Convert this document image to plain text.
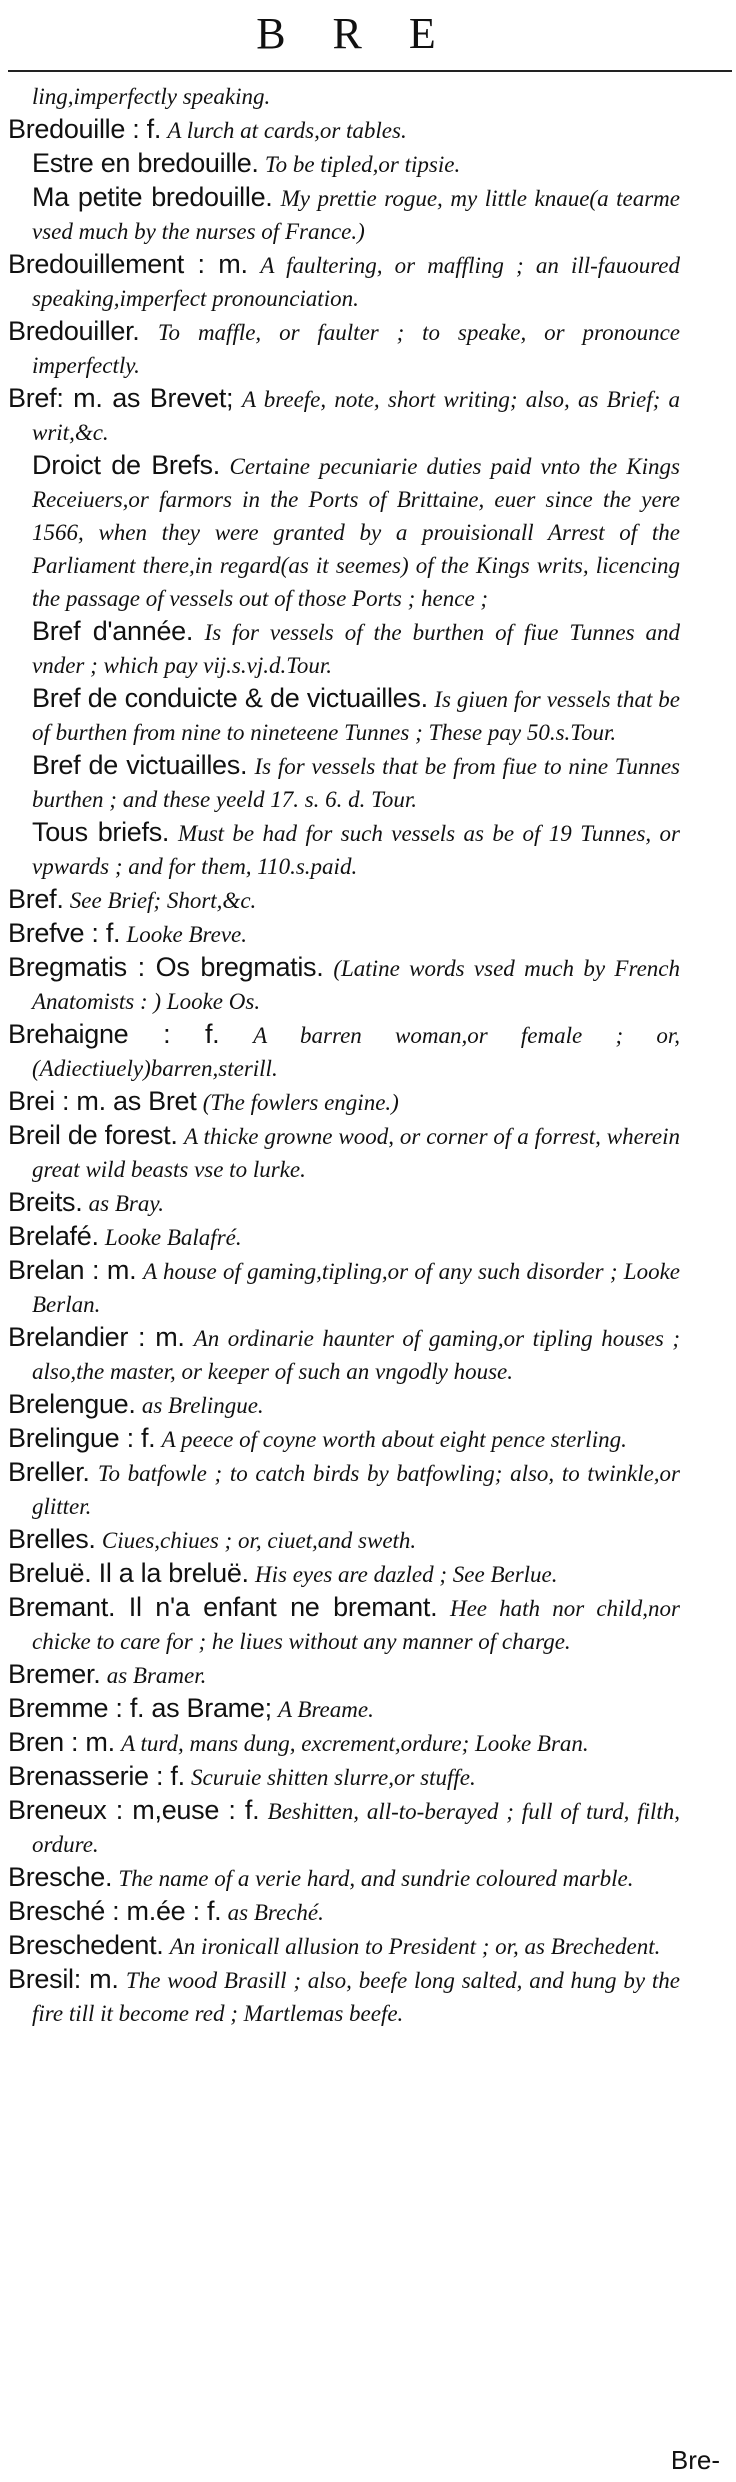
B R E

ling,imperfectly speaking.

Bredouille : f. A lurch at cards,or tables.

Estre en bredouille. To be tipled,or tipsie.

Ma petite bredouille. My prettie rogue, my little knaue(a tearme vsed much by the nurses of France.)

Bredouillement : m. A faultering, or maffling ; an ill-fauoured speaking,imperfect pronounciation.

Bredouiller. To maffle, or faulter ; to speake, or pronounce imperfectly.

Bref: m. as Brevet; A breefe, note, short writing; also, as Brief; a writ,&c.

Droict de Brefs. Certaine pecuniarie duties paid vnto the Kings Receiuers,or farmors in the Ports of Brittaine, euer since the yere 1566, when they were granted by a prouisionall Arrest of the Parliament there,in regard(as it seemes) of the Kings writs, licencing the passage of vessels out of those Ports ; hence ;

Bref d'année. Is for vessels of the burthen of fiue Tunnes and vnder ; which pay vij.s.vj.d.Tour.

Bref de conduicte & de victuailles. Is giuen for vessels that be of burthen from nine to nineteene Tunnes ; These pay 50.s.Tour.

Bref de victuailles. Is for vessels that be from fiue to nine Tunnes burthen ; and these yeeld 17. s. 6. d. Tour.

Tous briefs. Must be had for such vessels as be of 19 Tunnes, or vpwards ; and for them, 110.s.paid.

Bref. See Brief; Short,&c.

Brefve : f. Looke Breve.

Bregmatis : Os bregmatis. (Latine words vsed much by French Anatomists : ) Looke Os.

Brehaigne : f. A barren woman,or female ; or, (Adiectiuely)barren,sterill.

Brei : m. as Bret (The fowlers engine.)

Breil de forest. A thicke growne wood, or corner of a forrest, wherein great wild beasts vse to lurke.

Breits. as Bray.

Brelafé. Looke Balafré.

Brelan : m. A house of gaming,tipling,or of any such disorder ; Looke Berlan.

Brelandier : m. An ordinarie haunter of gaming,or tipling houses ; also,the master, or keeper of such an vngodly house.

Brelengue. as Brelingue.

Brelingue : f. A peece of coyne worth about eight pence sterling.

Breller. To batfowle ; to catch birds by batfowling; also, to twinkle,or glitter.

Brelles. Ciues,chiues ; or, ciuet,and sweth.

Breluë. Il a la breluë. His eyes are dazled ; See Berlue.

Bremant. Il n'a enfant ne bremant. Hee hath nor child,nor chicke to care for ; he liues without any manner of charge.

Bremer. as Bramer.

Bremme : f. as Brame; A Breame.

Bren : m. A turd, mans dung, excrement,ordure; Looke Bran.

Brenasserie : f. Scuruie shitten slurre,or stuffe.

Breneux : m,euse : f. Beshitten, all-to-berayed ; full of turd, filth, ordure.

Bresche. The name of a verie hard, and sundrie coloured marble.

Bresché : m.ée : f. as Breché.

Breschedent. An ironicall allusion to President ; or, as Brechedent.

Bresil: m. The wood Brasill ; also, beefe long salted, and hung by the fire till it become red ; Martlemas beefe.

Bre-
